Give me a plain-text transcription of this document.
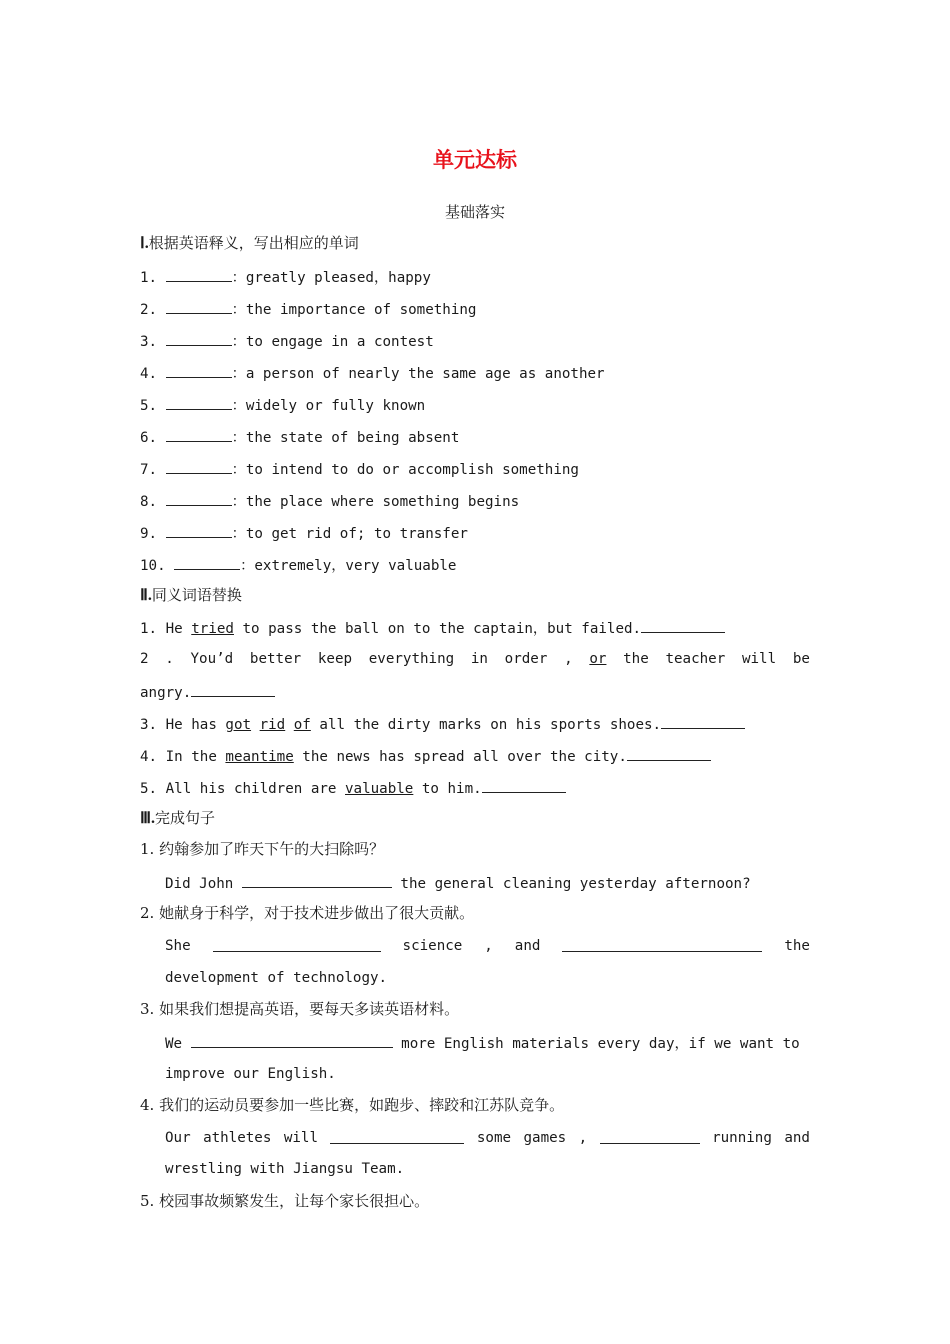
单元达标
基础落实
Ⅰ.根据英语释义，写出相应的单词
1.	：greatly pleased，happy
2.	：the importance of something
3.	：to engage in a contest
4.	：a person of nearly the same age as another
5.	：widely or fully known
6.	：the state of being absent
7.	：to intend to do or accomplish something
8.	：the place where something begins
9.	：to get rid of; to transfer
10.	：extremely，very valuable
Ⅱ.同义词语替换
1. He tried to pass the ball on to the captain，but failed.
2 . You’d better keep everything in order , or the teacher will be
angry.
3. He has got rid of all the dirty marks on his sports shoes.
4. In the meantime the news has spread all over the city.
5. All his children are valuable to him.
Ⅲ.完成句子
1. 约翰参加了昨天下午的大扫除吗？
Did John	the general cleaning yesterday afternoon?
2. 她献身于科学，对于技术进步做出了很大贡献。
She	science , and	the
development of technology.
3. 如果我们想提高英语，要每天多读英语材料。
We	more English materials every day，if we want to
improve our English.
4. 我们的运动员要参加一些比赛，如跑步、摔跤和江苏队竞争。
Our athletes will	some games ,	running and
wrestling with Jiangsu Team.
5. 校园事故频繁发生，让每个家长很担心。
